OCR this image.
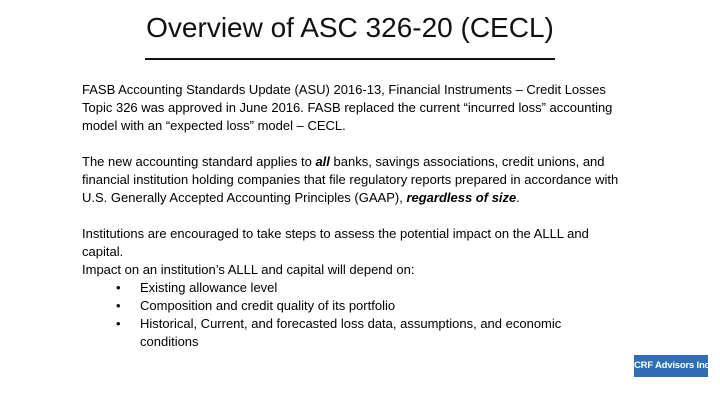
Overview of ASC 326-20 (CECL)

FASB Accounting Standards Update (ASU) 2016-13, Financial Instruments – Credit Losses Topic 326 was approved in June 2016. FASB replaced the current “incurred loss” accounting model with an “expected loss” model – CECL.

The new accounting standard applies to all banks, savings associations, credit unions, and financial institution holding companies that file regulatory reports prepared in accordance with U.S. Generally Accepted Accounting Principles (GAAP), regardless of size.

Institutions are encouraged to take steps to assess the potential impact on the ALLL and capital.

Impact on an institution’s ALLL and capital will depend on:

• Existing allowance level
• Composition and credit quality of its portfolio
• Historical, Current, and forecasted loss data, assumptions, and economic conditions
CRF Advisors Inc.
